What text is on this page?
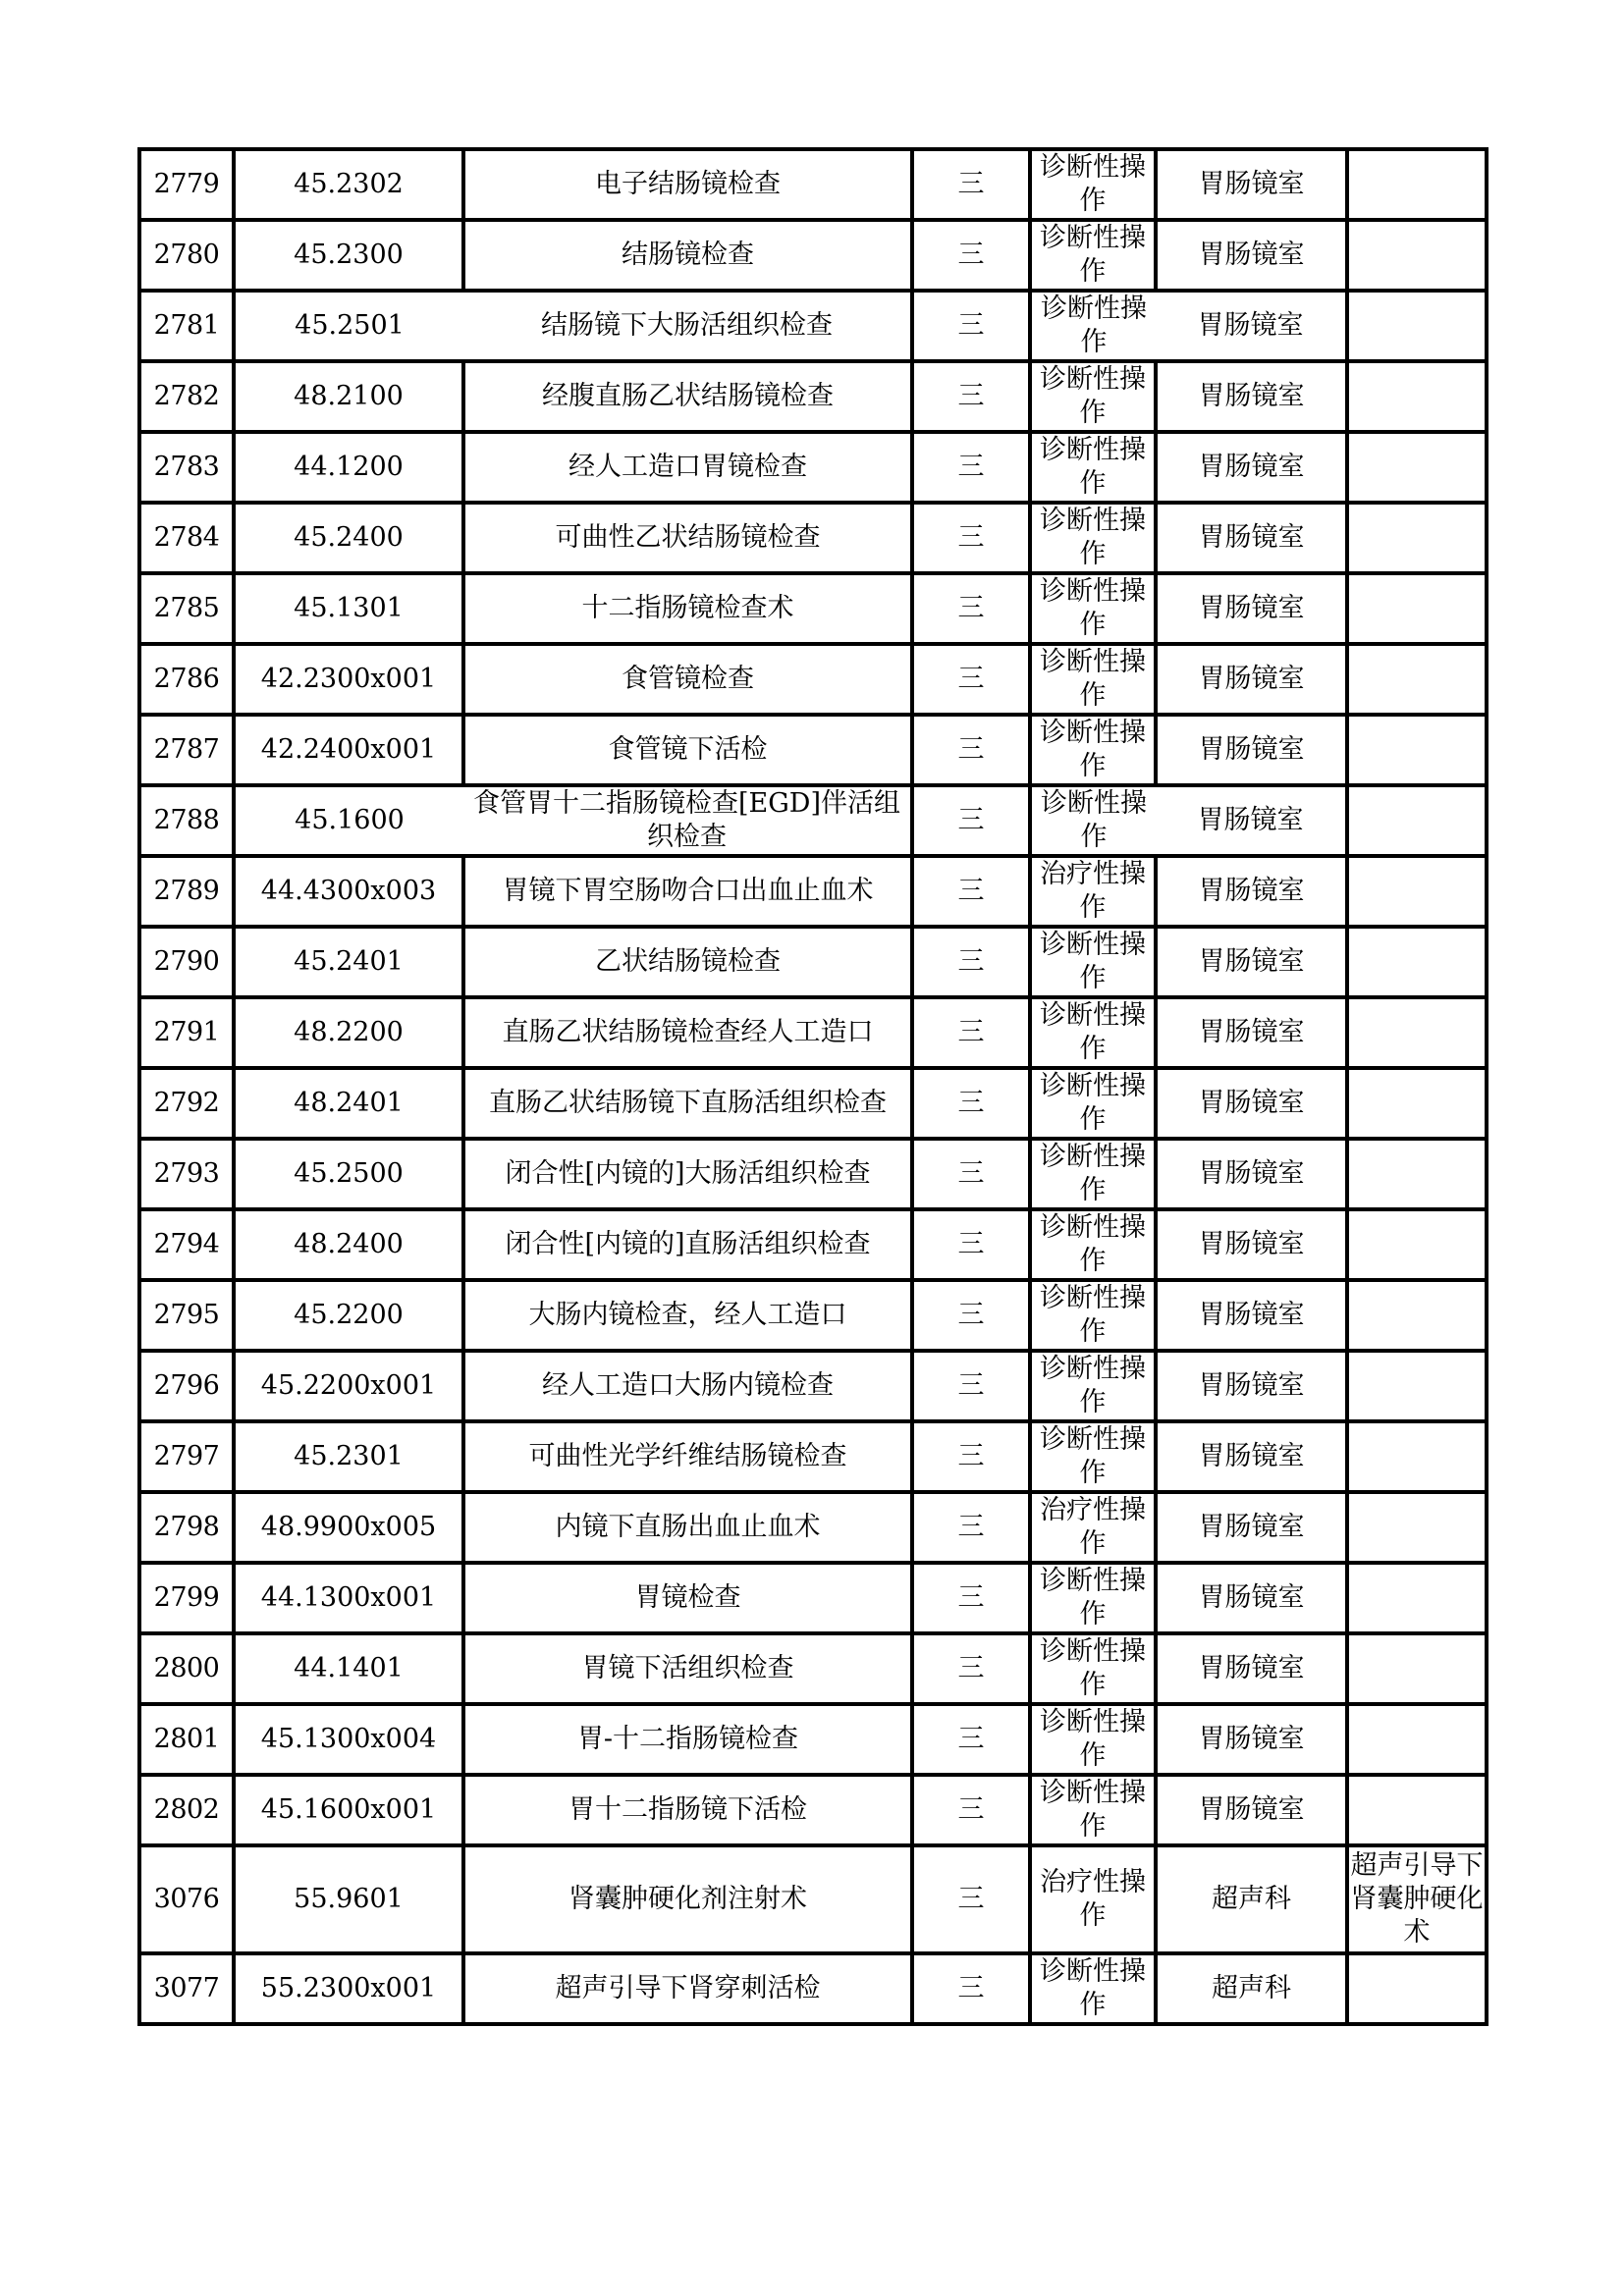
2779	45.2302	电子结肠镜检查	三	诊断性操作	胃肠镜室	
2780	45.2300	结肠镜检查	三	诊断性操作	胃肠镜室	
2781	45.2501	结肠镜下大肠活组织检查	三	诊断性操作	胃肠镜室	
2782	48.2100	经腹直肠乙状结肠镜检查	三	诊断性操作	胃肠镜室	
2783	44.1200	经人工造口胃镜检查	三	诊断性操作	胃肠镜室	
2784	45.2400	可曲性乙状结肠镜检查	三	诊断性操作	胃肠镜室	
2785	45.1301	十二指肠镜检查术	三	诊断性操作	胃肠镜室	
2786	42.2300x001	食管镜检查	三	诊断性操作	胃肠镜室	
2787	42.2400x001	食管镜下活检	三	诊断性操作	胃肠镜室	
2788	45.1600	食管胃十二指肠镜检查[EGD]伴活组织检查	三	诊断性操作	胃肠镜室	
2789	44.4300x003	胃镜下胃空肠吻合口出血止血术	三	治疗性操作	胃肠镜室	
2790	45.2401	乙状结肠镜检查	三	诊断性操作	胃肠镜室	
2791	48.2200	直肠乙状结肠镜检查经人工造口	三	诊断性操作	胃肠镜室	
2792	48.2401	直肠乙状结肠镜下直肠活组织检查	三	诊断性操作	胃肠镜室	
2793	45.2500	闭合性[内镜的]大肠活组织检查	三	诊断性操作	胃肠镜室	
2794	48.2400	闭合性[内镜的]直肠活组织检查	三	诊断性操作	胃肠镜室	
2795	45.2200	大肠内镜检查，经人工造口	三	诊断性操作	胃肠镜室	
2796	45.2200x001	经人工造口大肠内镜检查	三	诊断性操作	胃肠镜室	
2797	45.2301	可曲性光学纤维结肠镜检查	三	诊断性操作	胃肠镜室	
2798	48.9900x005	内镜下直肠出血止血术	三	治疗性操作	胃肠镜室	
2799	44.1300x001	胃镜检查	三	诊断性操作	胃肠镜室	
2800	44.1401	胃镜下活组织检查	三	诊断性操作	胃肠镜室	
2801	45.1300x004	胃-十二指肠镜检查	三	诊断性操作	胃肠镜室	
2802	45.1600x001	胃十二指肠镜下活检	三	诊断性操作	胃肠镜室	
3076	55.9601	肾囊肿硬化剂注射术	三	治疗性操作	超声科	超声引导下肾囊肿硬化术
3077	55.2300x001	超声引导下肾穿刺活检	三	诊断性操作	超声科	
